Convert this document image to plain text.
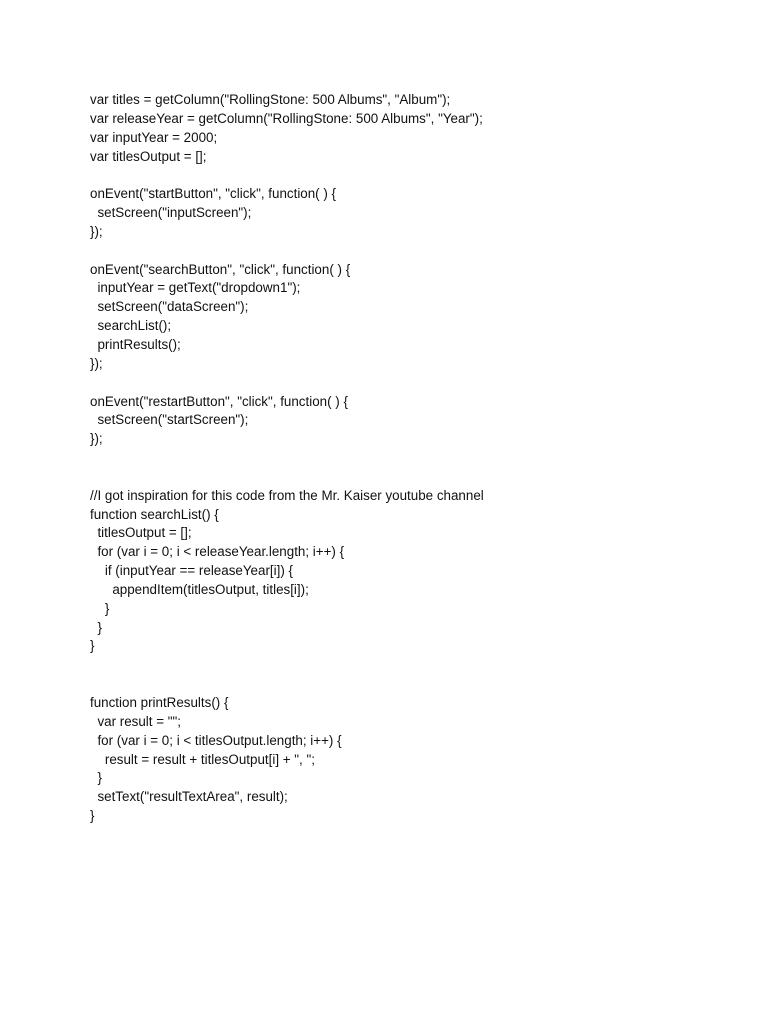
var titles = getColumn("RollingStone: 500 Albums", "Album");
var releaseYear = getColumn("RollingStone: 500 Albums", "Year");
var inputYear = 2000;
var titlesOutput = [];
onEvent("startButton", "click", function( ) {
setScreen("inputScreen");
});
onEvent("searchButton", "click", function( ) {
inputYear = getText("dropdown1");
setScreen("dataScreen");
searchList();
printResults();
});
onEvent("restartButton", "click", function( ) {
setScreen("startScreen");
});
//I got inspiration for this code from the Mr. Kaiser youtube channel
function searchList() {
titlesOutput = [];
for (var i = 0; i < releaseYear.length; i++) {
if (inputYear == releaseYear[i]) {
appendItem(titlesOutput, titles[i]);
}
}
}
function printResults() {
var result = "";
for (var i = 0; i < titlesOutput.length; i++) {
result = result + titlesOutput[i] + ", ";
}
setText("resultTextArea", result);
}
